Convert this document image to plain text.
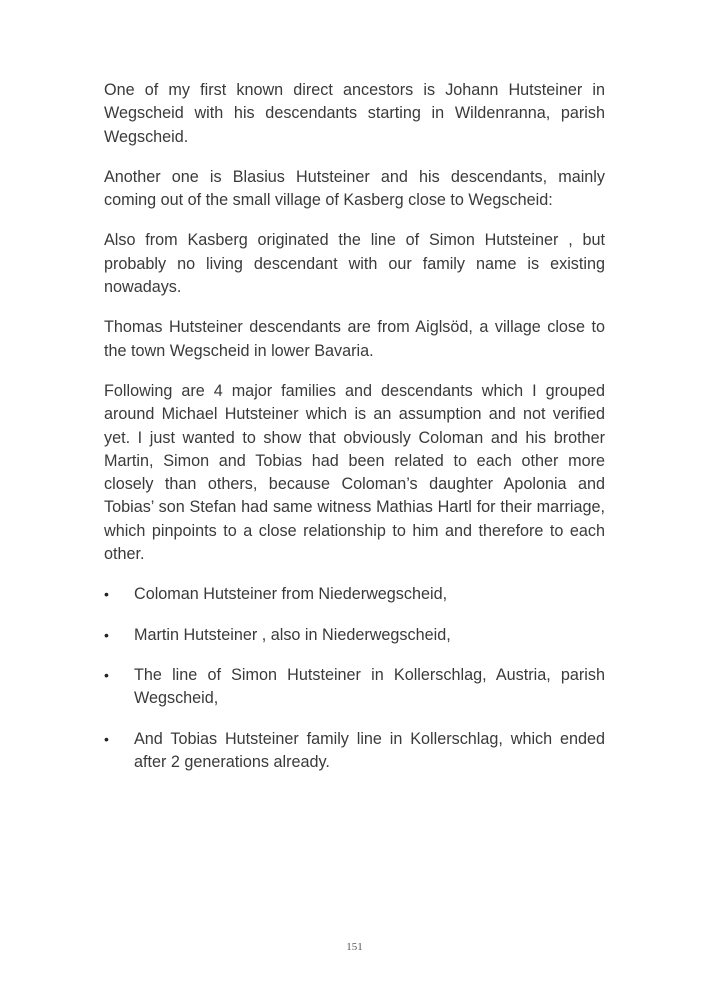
One of my first known direct ancestors is Johann Hutsteiner in Wegscheid with his descendants starting in Wildenranna, parish Wegscheid.

Another one is Blasius Hutsteiner and his descendants, mainly coming out of the small village of Kasberg close to Wegscheid:

Also from Kasberg originated the line of Simon Hutsteiner , but probably no living descendant with our family name is existing nowadays.

Thomas Hutsteiner descendants are from Aiglsöd, a village close to the town Wegscheid in lower Bavaria.

Following are 4 major families and descendants which I grouped around Michael Hutsteiner which is an assumption and not verified yet. I just wanted to show that obviously Coloman and his brother Martin, Simon and Tobias had been related to each other more closely than others, because Coloman’s daughter Apolonia and Tobias’ son Stefan had same witness Mathias Hartl for their marriage, which pinpoints to a close relationship to him and therefore to each other.

• Coloman Hutsteiner from Niederwegscheid,
• Martin Hutsteiner , also in Niederwegscheid,
• The line of Simon Hutsteiner in Kollerschlag, Austria, parish Wegscheid,
• And Tobias Hutsteiner family line in Kollerschlag, which ended after 2 generations already.
151
